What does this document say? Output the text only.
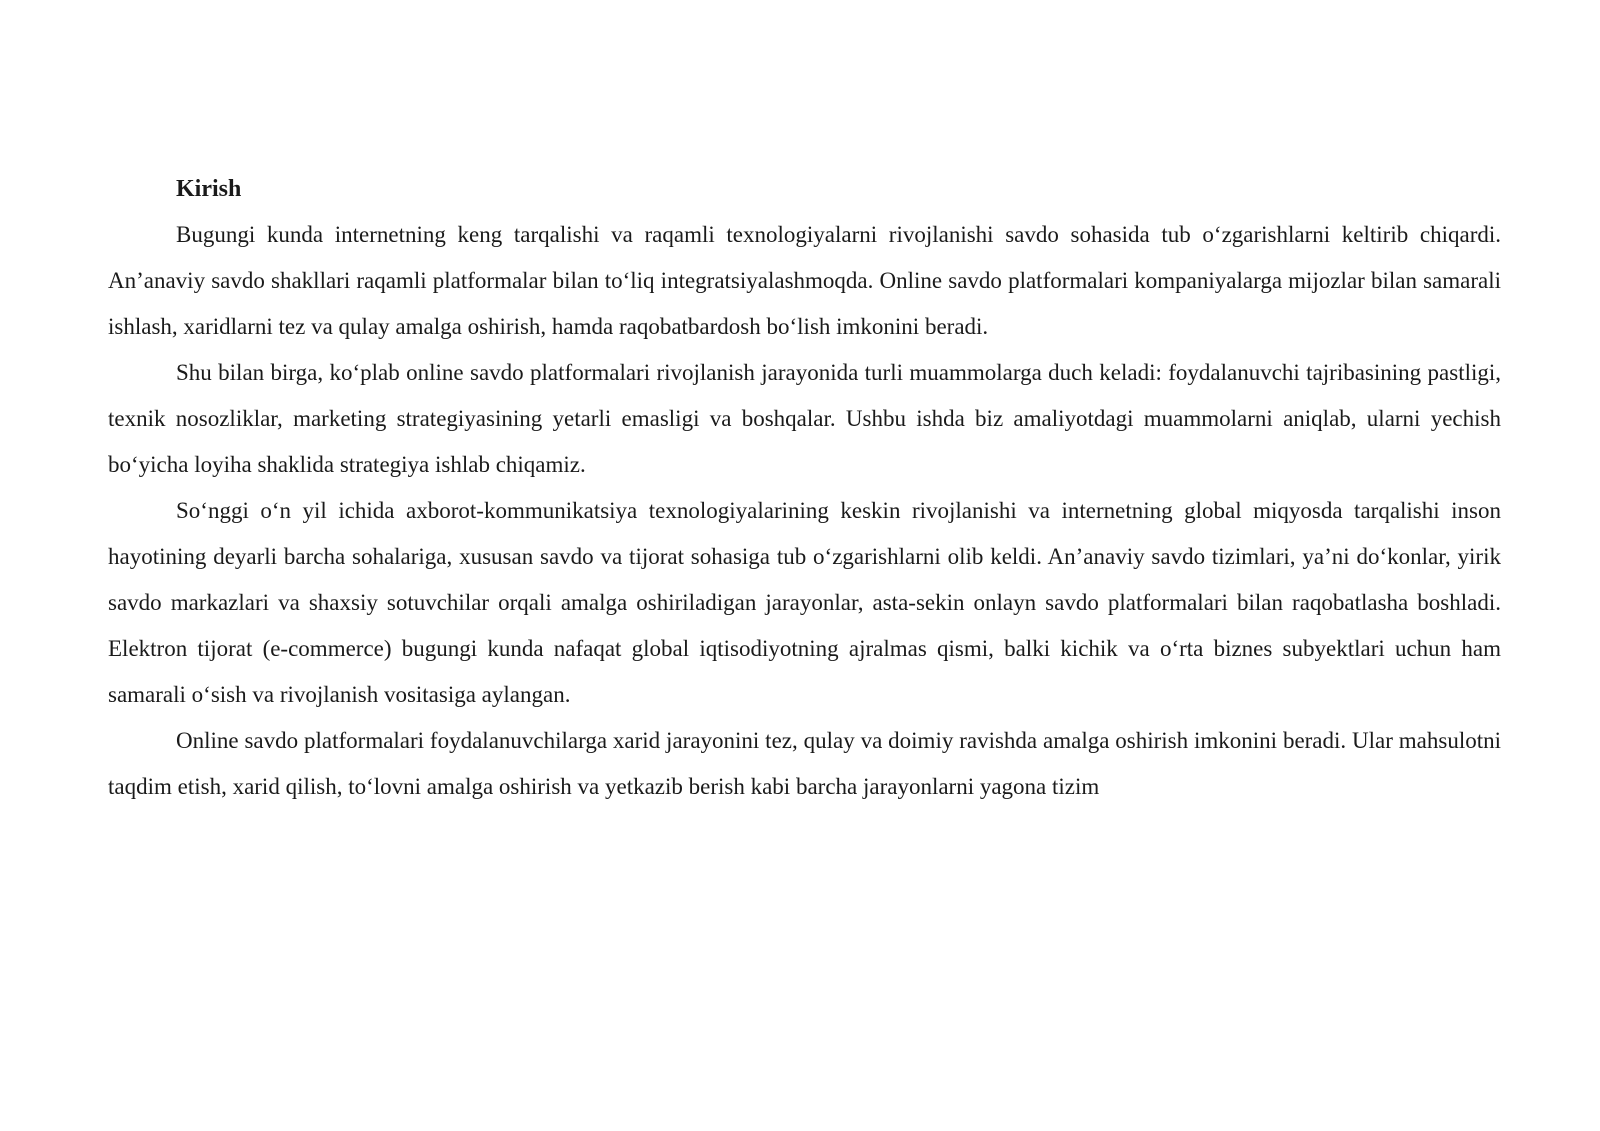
Kirish

Bugungi kunda internetning keng tarqalishi va raqamli texnologiyalarni rivojlanishi savdo sohasida tub o‘zgarishlarni keltirib chiqardi. An’anaviy savdo shakllari raqamli platformalar bilan to‘liq integratsiyalashmoqda. Online savdo platformalari kompaniyalarga mijozlar bilan samarali ishlash, xaridlarni tez va qulay amalga oshirish, hamda raqobatbardosh bo‘lish imkonini beradi.

Shu bilan birga, ko‘plab online savdo platformalari rivojlanish jarayonida turli muammolarga duch keladi: foydalanuvchi tajribasining pastligi, texnik nosozliklar, marketing strategiyasining yetarli emasligi va boshqalar. Ushbu ishda biz amaliyotdagi muammolarni aniqlab, ularni yechish bo‘yicha loyiha shaklida strategiya ishlab chiqamiz.

So‘nggi o‘n yil ichida axborot-kommunikatsiya texnologiyalarining keskin rivojlanishi va internetning global miqyosda tarqalishi inson hayotining deyarli barcha sohalariga, xususan savdo va tijorat sohasiga tub o‘zgarishlarni olib keldi. An’anaviy savdo tizimlari, ya’ni do‘konlar, yirik savdo markazlari va shaxsiy sotuvchilar orqali amalga oshiriladigan jarayonlar, asta-sekin onlayn savdo platformalari bilan raqobatlasha boshladi. Elektron tijorat (e-commerce) bugungi kunda nafaqat global iqtisodiyotning ajralmas qismi, balki kichik va o‘rta biznes subyektlari uchun ham samarali o‘sish va rivojlanish vositasiga aylangan.

Online savdo platformalari foydalanuvchilarga xarid jarayonini tez, qulay va doimiy ravishda amalga oshirish imkonini beradi. Ular mahsulotni taqdim etish, xarid qilish, to‘lovni amalga oshirish va yetkazib berish kabi barcha jarayonlarni yagona tizim
